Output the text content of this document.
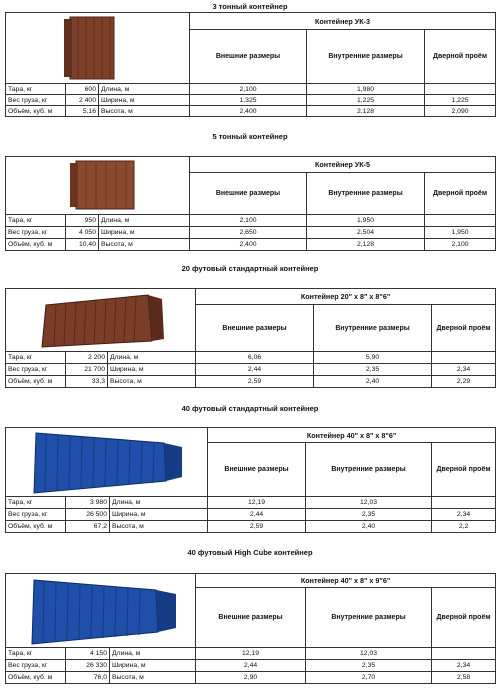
3 тонный контейнер
	Контейнер УК-3		
			Внешние размеры	Внутренние размеры	Дверной проём
Тара, кг	600	Длина, м	2,100	1,980	
Вес груза, кг	2 400	Ширина, м	1,325	1,225	1,225
Объём, куб. м	5,16	Высота, м	2,400	2,128	2,090
5 тонный контейнер
	Контейнер УК-5		
			Внешние размеры	Внутренние размеры	Дверной проём
Тара, кг	950	Длина, м	2,100	1,950	
Вес груза, кг	4 050	Ширина, м	2,650	2,504	1,950
Объём, куб. м	10,40	Высота, м	2,400	2,128	2,100
20 футовый стандартный контейнер
	Контейнер 20" х 8" х 8"6"		
			Внешние размеры	Внутренние размеры	Дверной проём
Тара, кг	2 200	Длина, м	6,06	5,90	
Вес груза, кг	21 700	Ширина, м	2,44	2,35	2,34
Объём, куб. м	33,3	Высота, м	2,59	2,40	2,29
40 футовый стандартный контейнер
	Контейнер 40" х 8" х 8"6"		
			Внешние размеры	Внутренние размеры	Дверной проём
Тара, кг	3 980	Длина, м	12,19	12,03	
Вес груза, кг	26 500	Ширина, м	2,44	2,35	2,34
Объём, куб. м	67,2	Высота, м	2,59	2,40	2,2
40 футовый High Cube контейнер
	Контейнер 40" х 8" х 9"6"		
			Внешние размеры	Внутренние размеры	Дверной проём
Тара, кг	4 150	Длина, м	12,19	12,03	
Вес груза, кг	26 330	Ширина, м	2,44	2,35	2,34
Объём, куб. м	76,0	Высота, м	2,90	2,70	2,58
